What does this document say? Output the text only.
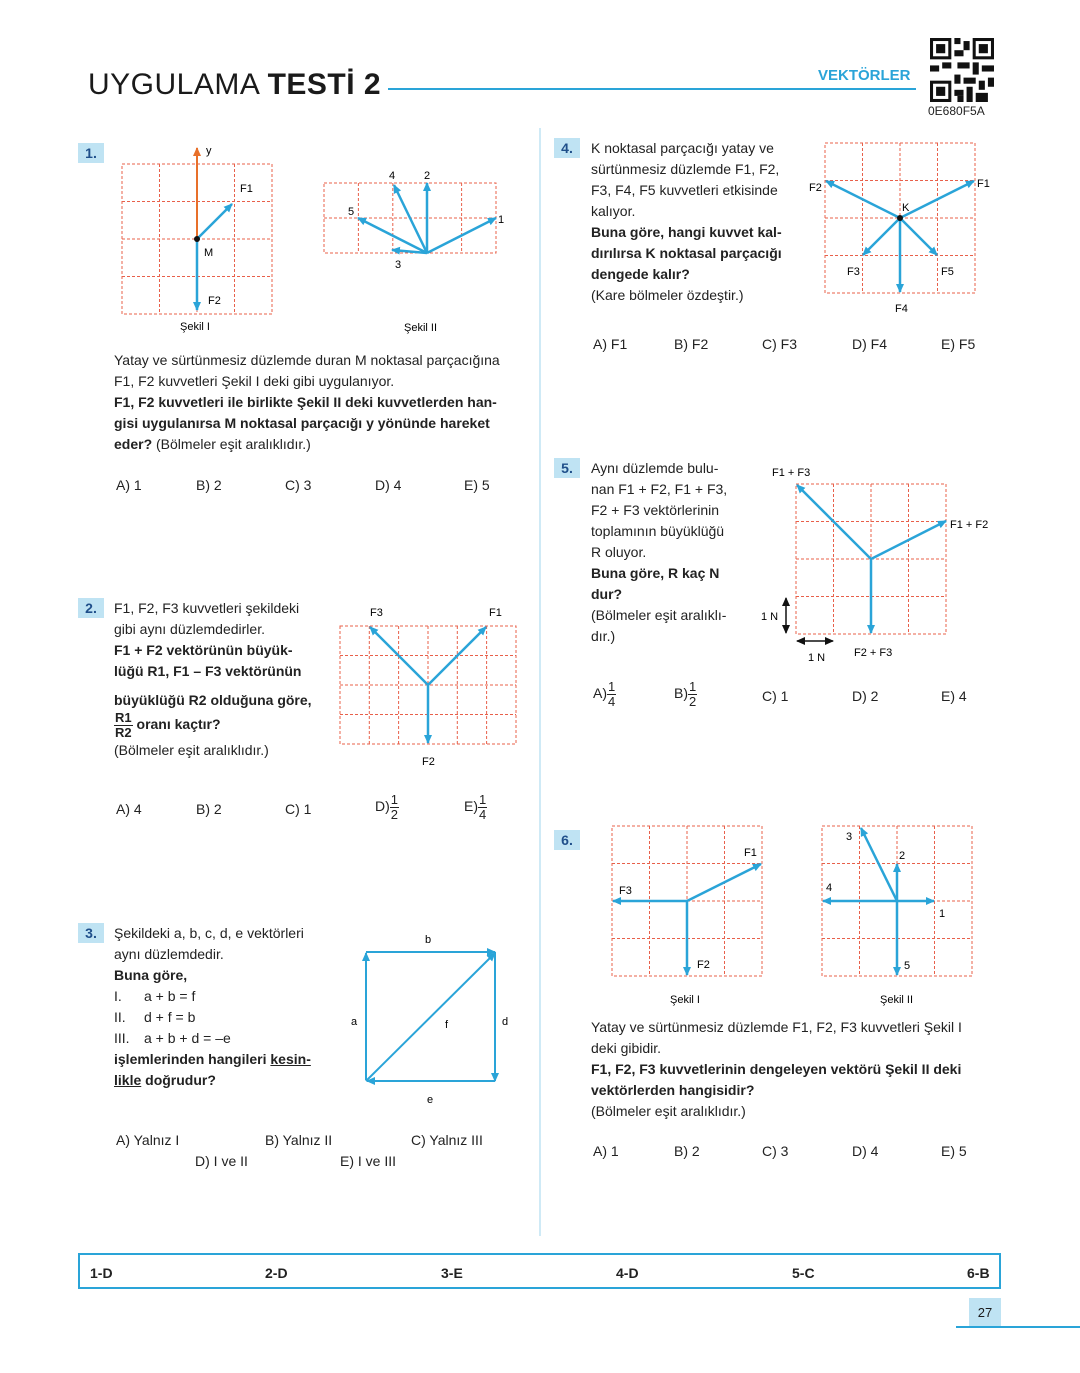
UYGULAMA TESTİ 2	VEKTÖRLER
0E680F5A
1.	y
F1
M
F2
Şekil I
1
2
3
4
5
Şekil II
Yatay ve sürtünmesiz düzlemde duran M noktasal parçacığına
F1, F2 kuvvetleri Şekil I deki gibi uygulanıyor.
F1, F2 kuvvetleri ile birlikte Şekil II deki kuvvetlerden han-
gisi uygulanırsa M noktasal parçacığı y yönünde hareket
eder? (Bölmeler eşit aralıklıdır.)
A) 1	B) 2	C) 3	D) 4	E) 5
2.	F1, F2, F3 kuvvetleri şekildeki
gibi aynı düzlemdedirler.
F1 + F2 vektörünün büyük-
lüğü R1, F1 – F3 vektörünün
büyüklüğü R2 olduğuna göre,
$\frac{R1}{R2}$ oranı kaçtır?
(Bölmeler eşit aralıklıdır.)
F1
F3
F2
A) 4	B) 2	C) 1	$D) \frac{1}{2}$	$E) \frac{1}{4}$
3.	Şekildeki a, b, c, d, e vektörleri
aynı düzlemdedir.
Buna göre,
I. a + b = f
II. d + f = b
III. a + b + d = –e
işlemlerinden hangileri kesin-
likle doğrudur?
a
b
d
e
f
A) Yalnız I	B) Yalnız II	C) Yalnız III
D) I ve II	E) I ve III
4.	K noktasal parçacığı yatay ve
sürtünmesiz düzlemde F1, F2,
F3, F4, F5 kuvvetleri etkisinde
kalıyor.
Buna göre, hangi kuvvet kal-
dırılırsa K noktasal parçacığı
dengede kalır?
(Kare bölmeler özdeştir.)
K
F1
F2
F3
F4
F5
A) F1	B) F2	C) F3	D) F4	E) F5
5.	Aynı düzlemde bulu-
nan F1 + F2, F1 + F3,
F2 + F3 vektörlerinin
toplamının büyüklüğü
R oluyor.
Buna göre, R kaç N
dur?
(Bölmeler eşit aralıklı-
dır.)
F1 + F3
F1 + F2
F2 + F3
1 N
1 N
$A) \frac{1}{4}$	$B) \frac{1}{2}$	C) 1	D) 2	E) 4
6.
F1
F3
F2
Şekil I
1
2
3
4
5
Şekil II
Yatay ve sürtünmesiz düzlemde F1, F2, F3 kuvvetleri Şekil I
deki gibidir.
F1, F2, F3 kuvvetlerinin dengeleyen vektörü Şekil II deki
vektörlerden hangisidir?
(Bölmeler eşit aralıklıdır.)
A) 1	B) 2	C) 3	D) 4	E) 5
1-D	2-D	3-E	4-D	5-C	6-B
27
